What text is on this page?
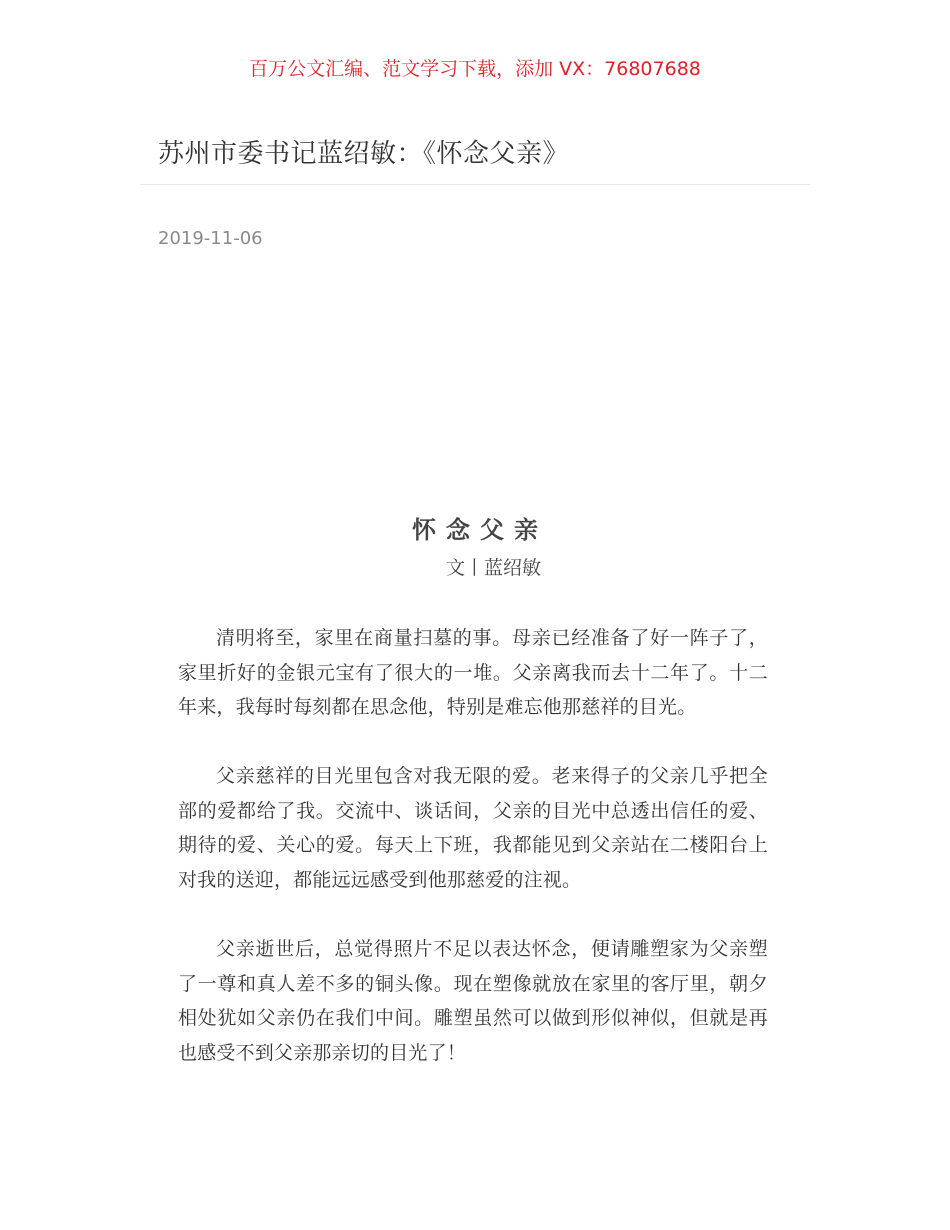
百万公文汇编、范文学习下载，添加 VX：76807688
苏州市委书记蓝绍敏：《怀念父亲》
2019-11-06
怀念父亲
文丨蓝绍敏

清明将至，家里在商量扫墓的事。母亲已经准备了好一阵子了，家里折好的金银元宝有了很大的一堆。父亲离我而去十二年了。十二年来，我每时每刻都在思念他，特别是难忘他那慈祥的目光。

父亲慈祥的目光里包含对我无限的爱。老来得子的父亲几乎把全部的爱都给了我。交流中、谈话间，父亲的目光中总透出信任的爱、期待的爱、关心的爱。每天上下班，我都能见到父亲站在二楼阳台上对我的送迎，都能远远感受到他那慈爱的注视。

父亲逝世后，总觉得照片不足以表达怀念，便请雕塑家为父亲塑了一尊和真人差不多的铜头像。现在塑像就放在家里的客厅里，朝夕相处犹如父亲仍在我们中间。雕塑虽然可以做到形似神似，但就是再也感受不到父亲那亲切的目光了！
